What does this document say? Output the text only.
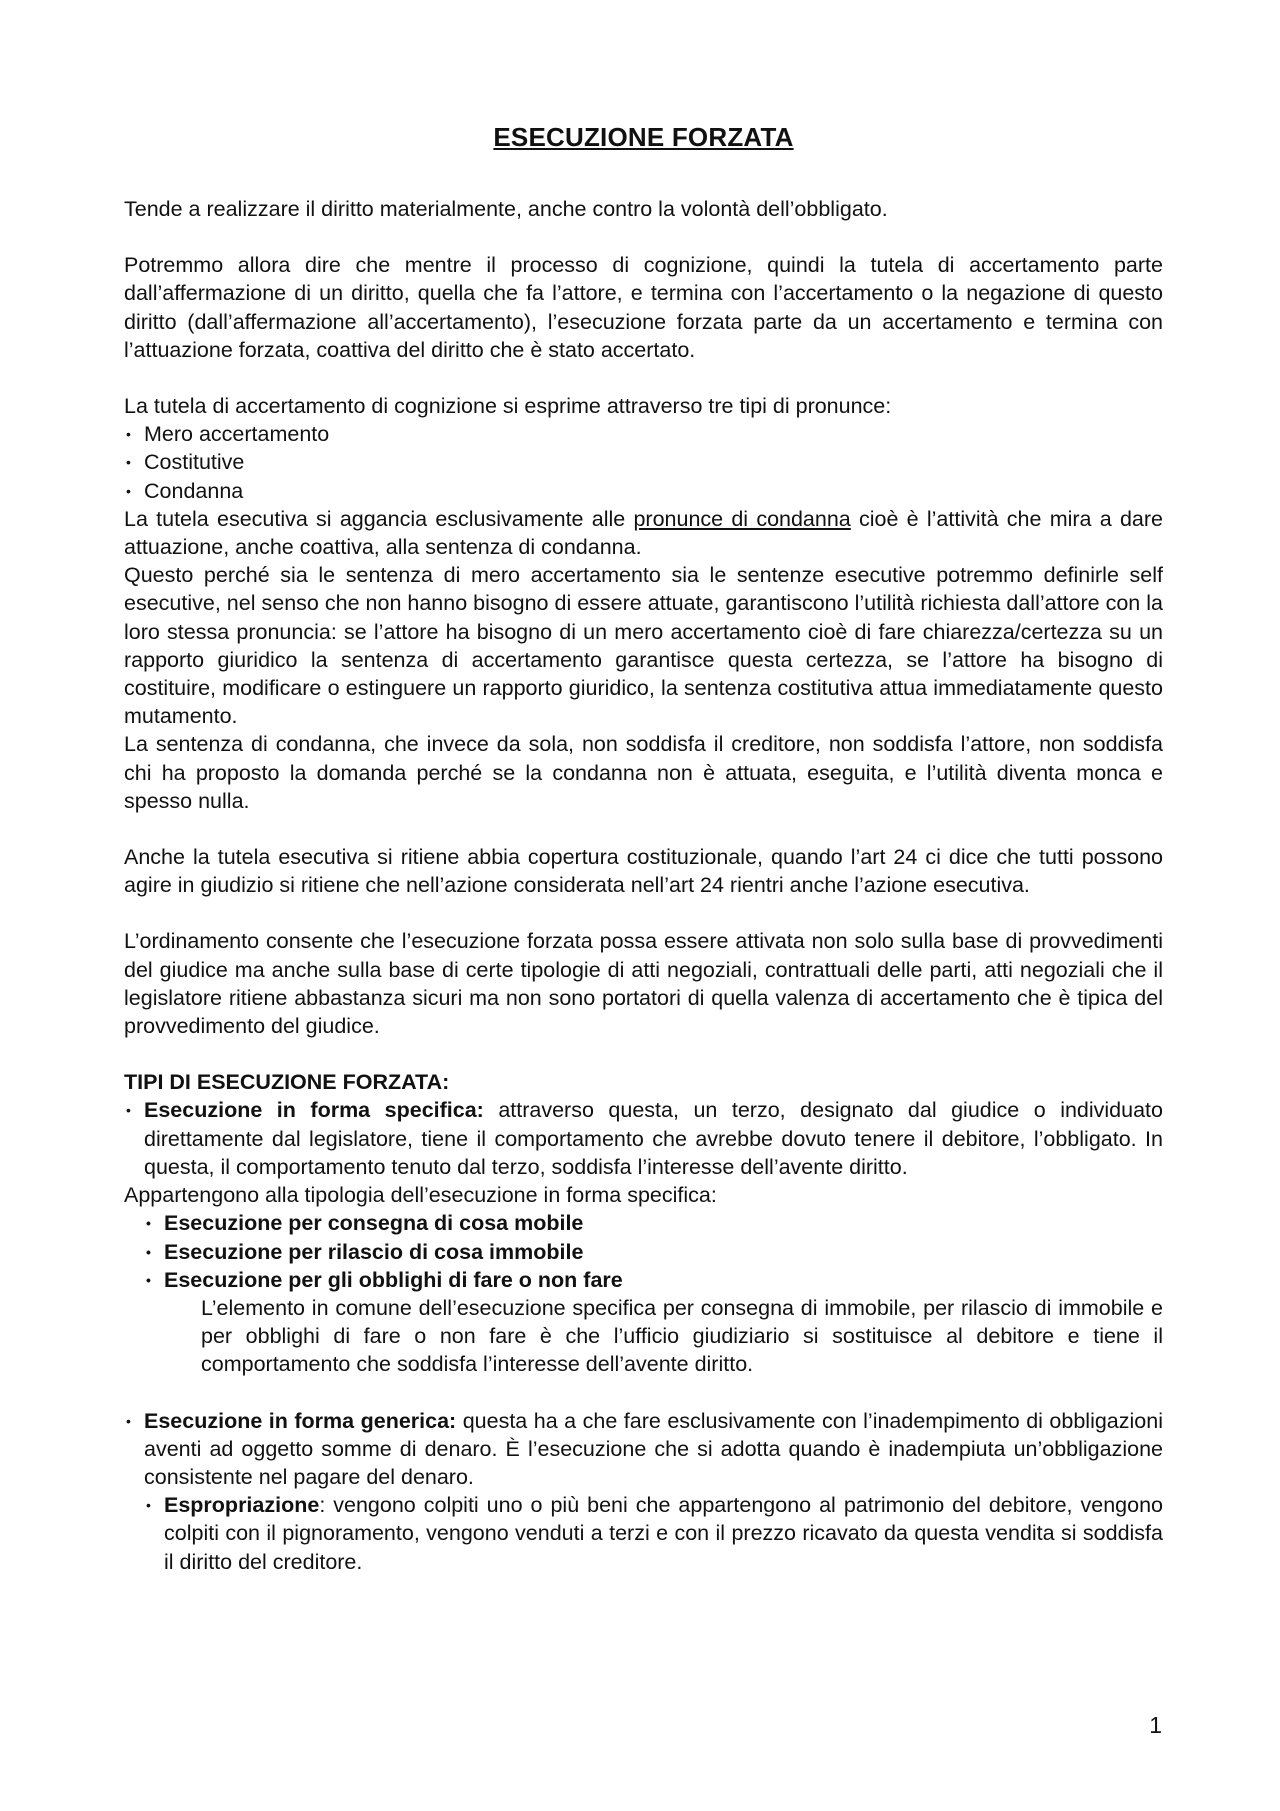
ESECUZIONE FORZATA

Tende a realizzare il diritto materialmente, anche contro la volontà dell’obbligato.

Potremmo allora dire che mentre il processo di cognizione, quindi la tutela di accertamento parte dall’affermazione di un diritto, quella che fa l’attore, e termina con l’accertamento o la negazione di questo diritto (dall’affermazione all’accertamento), l’esecuzione forzata parte da un accertamento e termina con l’attuazione forzata, coattiva del diritto che è stato accertato.

La tutela di accertamento di cognizione si esprime attraverso tre tipi di pronunce:

• Mero accertamento
• Costitutive
• Condanna

La tutela esecutiva si aggancia esclusivamente alle pronunce di condanna cioè è l’attività che mira a dare attuazione, anche coattiva, alla sentenza di condanna.

Questo perché sia le sentenza di mero accertamento sia le sentenze esecutive potremmo definirle self esecutive, nel senso che non hanno bisogno di essere attuate, garantiscono l’utilità richiesta dall’attore con la loro stessa pronuncia: se l’attore ha bisogno di un mero accertamento cioè di fare chiarezza/certezza su un rapporto giuridico la sentenza di accertamento garantisce questa certezza, se l’attore ha bisogno di costituire, modificare o estinguere un rapporto giuridico, la sentenza costitutiva attua immediatamente questo mutamento.

La sentenza di condanna, che invece da sola, non soddisfa il creditore, non soddisfa l’attore, non soddisfa chi ha proposto la domanda perché se la condanna non è attuata, eseguita, e l’utilità diventa monca e spesso nulla.

Anche la tutela esecutiva si ritiene abbia copertura costituzionale, quando l’art 24 ci dice che tutti possono agire in giudizio si ritiene che nell’azione considerata nell’art 24 rientri anche l’azione esecutiva.

L’ordinamento consente che l’esecuzione forzata possa essere attivata non solo sulla base di provvedimenti del giudice ma anche sulla base di certe tipologie di atti negoziali, contrattuali delle parti, atti negoziali che il legislatore ritiene abbastanza sicuri ma non sono portatori di quella valenza di accertamento che è tipica del provvedimento del giudice.

TIPI DI ESECUZIONE FORZATA:

• Esecuzione in forma specifica: attraverso questa, un terzo, designato dal giudice o individuato direttamente dal legislatore, tiene il comportamento che avrebbe dovuto tenere il debitore, l’obbligato. In questa, il comportamento tenuto dal terzo, soddisfa l’interesse dell’avente diritto.

Appartengono alla tipologia dell’esecuzione in forma specifica:

• Esecuzione per consegna di cosa mobile
• Esecuzione per rilascio di cosa immobile
• Esecuzione per gli obblighi di fare o non fare

L’elemento in comune dell’esecuzione specifica per consegna di immobile, per rilascio di immobile e per obblighi di fare o non fare è che l’ufficio giudiziario si sostituisce al debitore e tiene il comportamento che soddisfa l’interesse dell’avente diritto.

• Esecuzione in forma generica: questa ha a che fare esclusivamente con l’inadempimento di obbligazioni aventi ad oggetto somme di denaro. È l’esecuzione che si adotta quando è inadempiuta un’obbligazione consistente nel pagare del denaro.
• Espropriazione: vengono colpiti uno o più beni che appartengono al patrimonio del debitore, vengono colpiti con il pignoramento, vengono venduti a terzi e con il prezzo ricavato da questa vendita si soddisfa il diritto del creditore.
1
